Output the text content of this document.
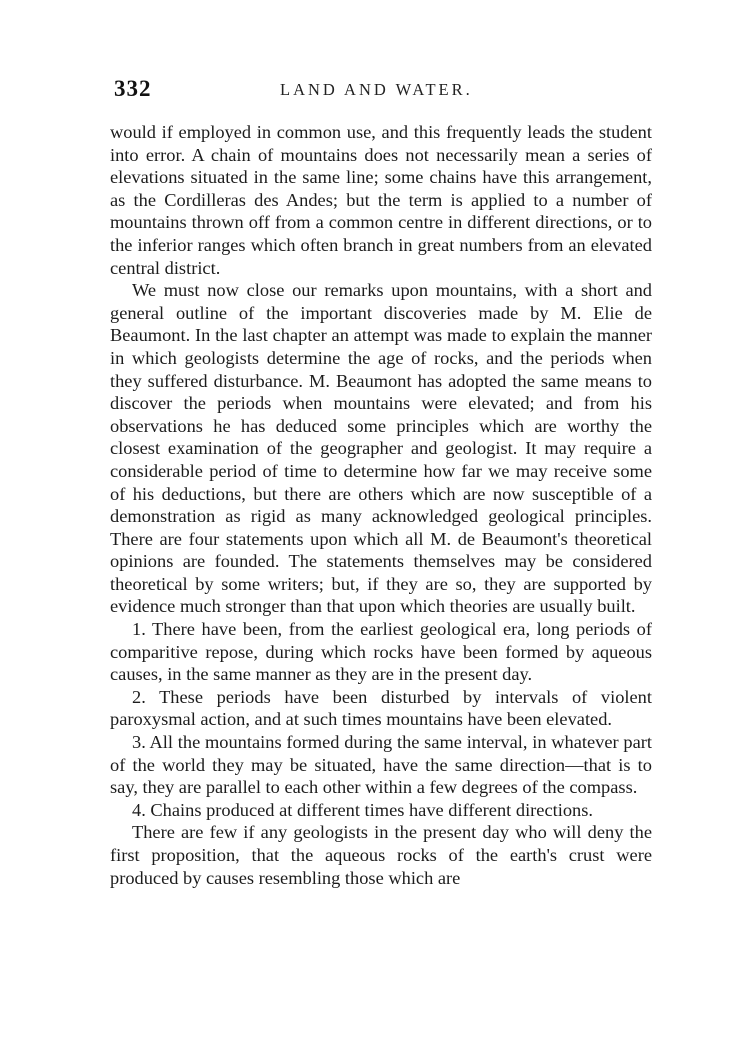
332	LAND AND WATER.

would if employed in common use, and this frequently leads the student into error. A chain of mountains does not necessarily mean a series of elevations situated in the same line; some chains have this arrangement, as the Cordilleras des Andes; but the term is applied to a number of mountains thrown off from a common centre in different directions, or to the inferior ranges which often branch in great numbers from an elevated central district.

We must now close our remarks upon mountains, with a short and general outline of the important discoveries made by M. Elie de Beaumont. In the last chapter an attempt was made to explain the manner in which geologists determine the age of rocks, and the periods when they suffered disturbance. M. Beaumont has adopted the same means to discover the periods when mountains were elevated; and from his observations he has deduced some principles which are worthy the closest examination of the geographer and geologist. It may require a considerable period of time to determine how far we may receive some of his deductions, but there are others which are now susceptible of a demonstration as rigid as many acknowledged geological principles. There are four statements upon which all M. de Beaumont's theoretical opinions are founded. The statements themselves may be considered theoretical by some writers; but, if they are so, they are supported by evidence much stronger than that upon which theories are usually built.

1. There have been, from the earliest geological era, long periods of comparitive repose, during which rocks have been formed by aqueous causes, in the same manner as they are in the present day.

2. These periods have been disturbed by intervals of violent paroxysmal action, and at such times mountains have been elevated.

3. All the mountains formed during the same interval, in whatever part of the world they may be situated, have the same direction—that is to say, they are parallel to each other within a few degrees of the compass.

4. Chains produced at different times have different directions.

There are few if any geologists in the present day who will deny the first proposition, that the aqueous rocks of the earth's crust were produced by causes resembling those which are
